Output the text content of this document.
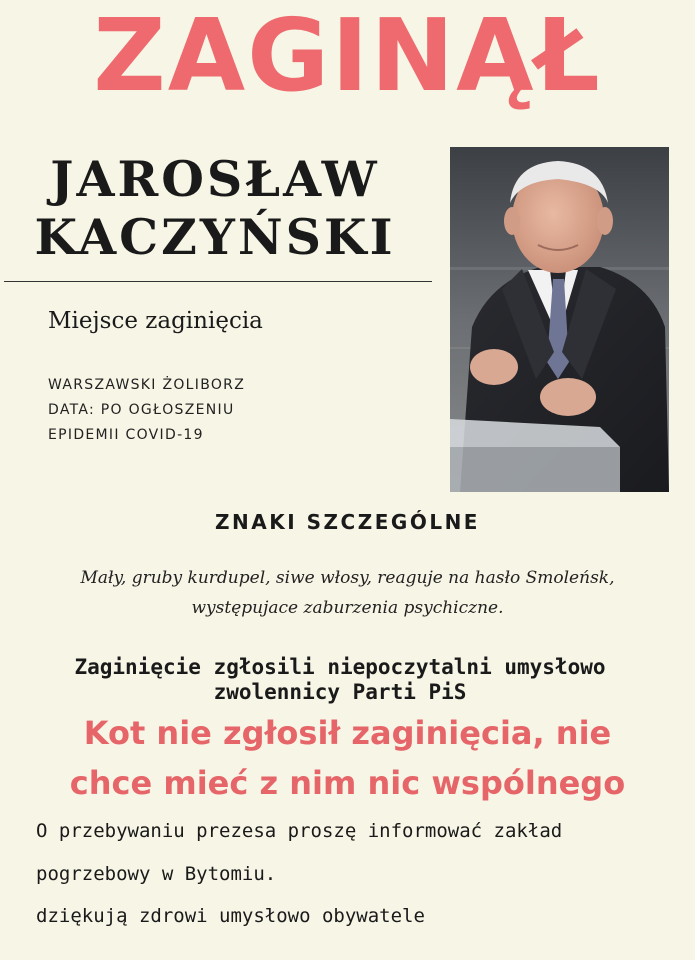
ZAGINĄŁ
JAROSŁAW
KACZYŃSKI
Miejsce zaginięcia
WARSZAWSKI ŻOLIBORZ
DATA: PO OGŁOSZENIU
EPIDEMII COVID-19
ZNAKI SZCZEGÓLNE
Mały, gruby kurdupel, siwe włosy, reaguje na hasło Smoleńsk,
występujace zaburzenia psychiczne.
Zaginięcie zgłosili niepoczytalni umysłowo
zwolennicy Parti PiS
Kot nie zgłosił zaginięcia, nie
chce mieć z nim nic wspólnego
O przebywaniu prezesa proszę informować zakład
pogrzebowy w Bytomiu.
dziękują zdrowi umysłowo obywatele
